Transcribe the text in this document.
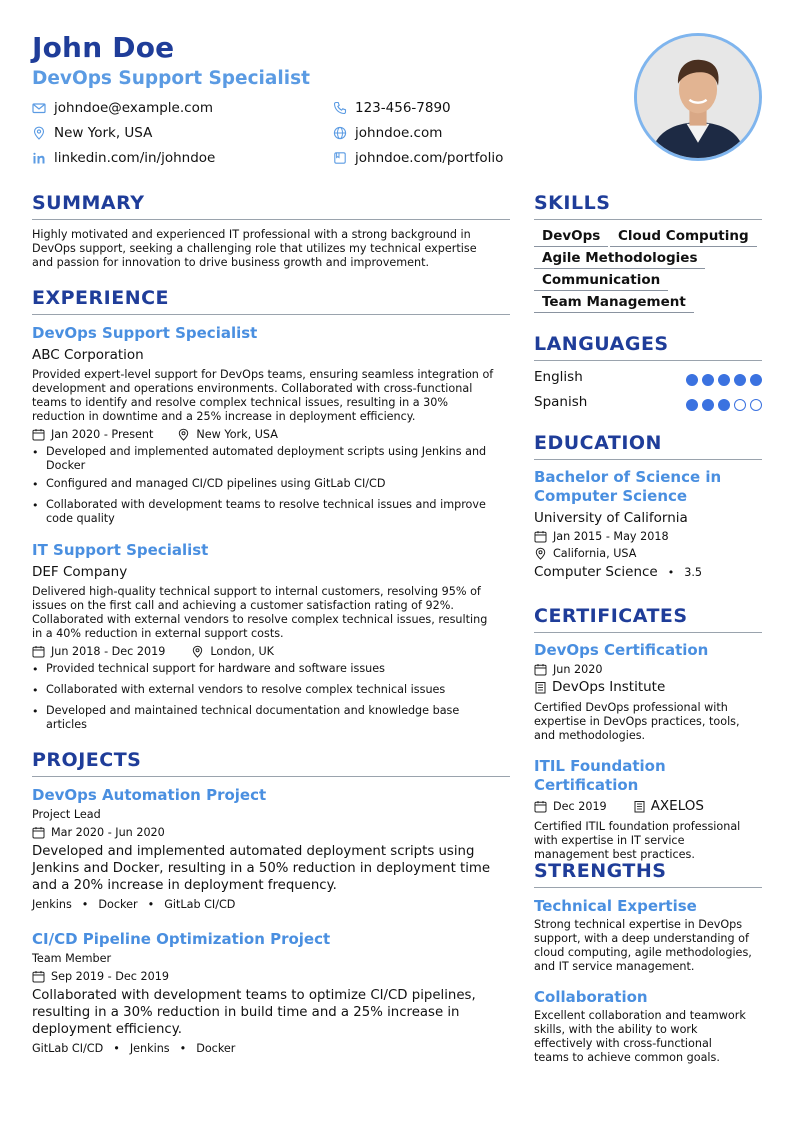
John Doe
DevOps Support Specialist
johndoe@example.com	123-456-7890
New York, USA	johndoe.com
linkedin.com/in/johndoe	johndoe.com/portfolio
SUMMARY
Highly motivated and experienced IT professional with a strong background in
DevOps support, seeking a challenging role that utilizes my technical expertise
and passion for innovation to drive business growth and improvement.
EXPERIENCE
DevOps Support Specialist
ABC Corporation
Provided expert-level support for DevOps teams, ensuring seamless integration of
development and operations environments. Collaborated with cross-functional
teams to identify and resolve complex technical issues, resulting in a 30%
reduction in downtime and a 25% increase in deployment efficiency.
Jan 2020 - Present	New York, USA
• Developed and implemented automated deployment scripts using Jenkins and
Docker
• Configured and managed CI/CD pipelines using GitLab CI/CD
• Collaborated with development teams to resolve technical issues and improve
code quality
IT Support Specialist
DEF Company
Delivered high-quality technical support to internal customers, resolving 95% of
issues on the first call and achieving a customer satisfaction rating of 92%.
Collaborated with external vendors to resolve complex technical issues, resulting
in a 40% reduction in external support costs.
Jun 2018 - Dec 2019	London, UK
• Provided technical support for hardware and software issues
• Collaborated with external vendors to resolve complex technical issues
• Developed and maintained technical documentation and knowledge base
articles
PROJECTS
DevOps Automation Project
Project Lead
Mar 2020 - Jun 2020
Developed and implemented automated deployment scripts using
Jenkins and Docker, resulting in a 50% reduction in deployment time
and a 20% increase in deployment frequency.
Jenkins • Docker • GitLab CI/CD
CI/CD Pipeline Optimization Project
Team Member
Sep 2019 - Dec 2019
Collaborated with development teams to optimize CI/CD pipelines,
resulting in a 30% reduction in build time and a 25% increase in
deployment efficiency.
GitLab CI/CD • Jenkins • Docker
SKILLS
DevOps	Cloud Computing
Agile Methodologies
Communication
Team Management
LANGUAGES
English
Spanish
EDUCATION
Bachelor of Science in
Computer Science
University of California
Jan 2015 - May 2018
California, USA
Computer Science • 3.5
CERTIFICATES
DevOps Certification
Jun 2020
DevOps Institute
Certified DevOps professional with
expertise in DevOps practices, tools,
and methodologies.
ITIL Foundation Certification
Dec 2019	AXELOS
Certified ITIL foundation professional
with expertise in IT service
management best practices.
STRENGTHS
Technical Expertise
Strong technical expertise in DevOps
support, with a deep understanding of
cloud computing, agile methodologies,
and IT service management.
Collaboration
Excellent collaboration and teamwork
skills, with the ability to work
effectively with cross-functional
teams to achieve common goals.
